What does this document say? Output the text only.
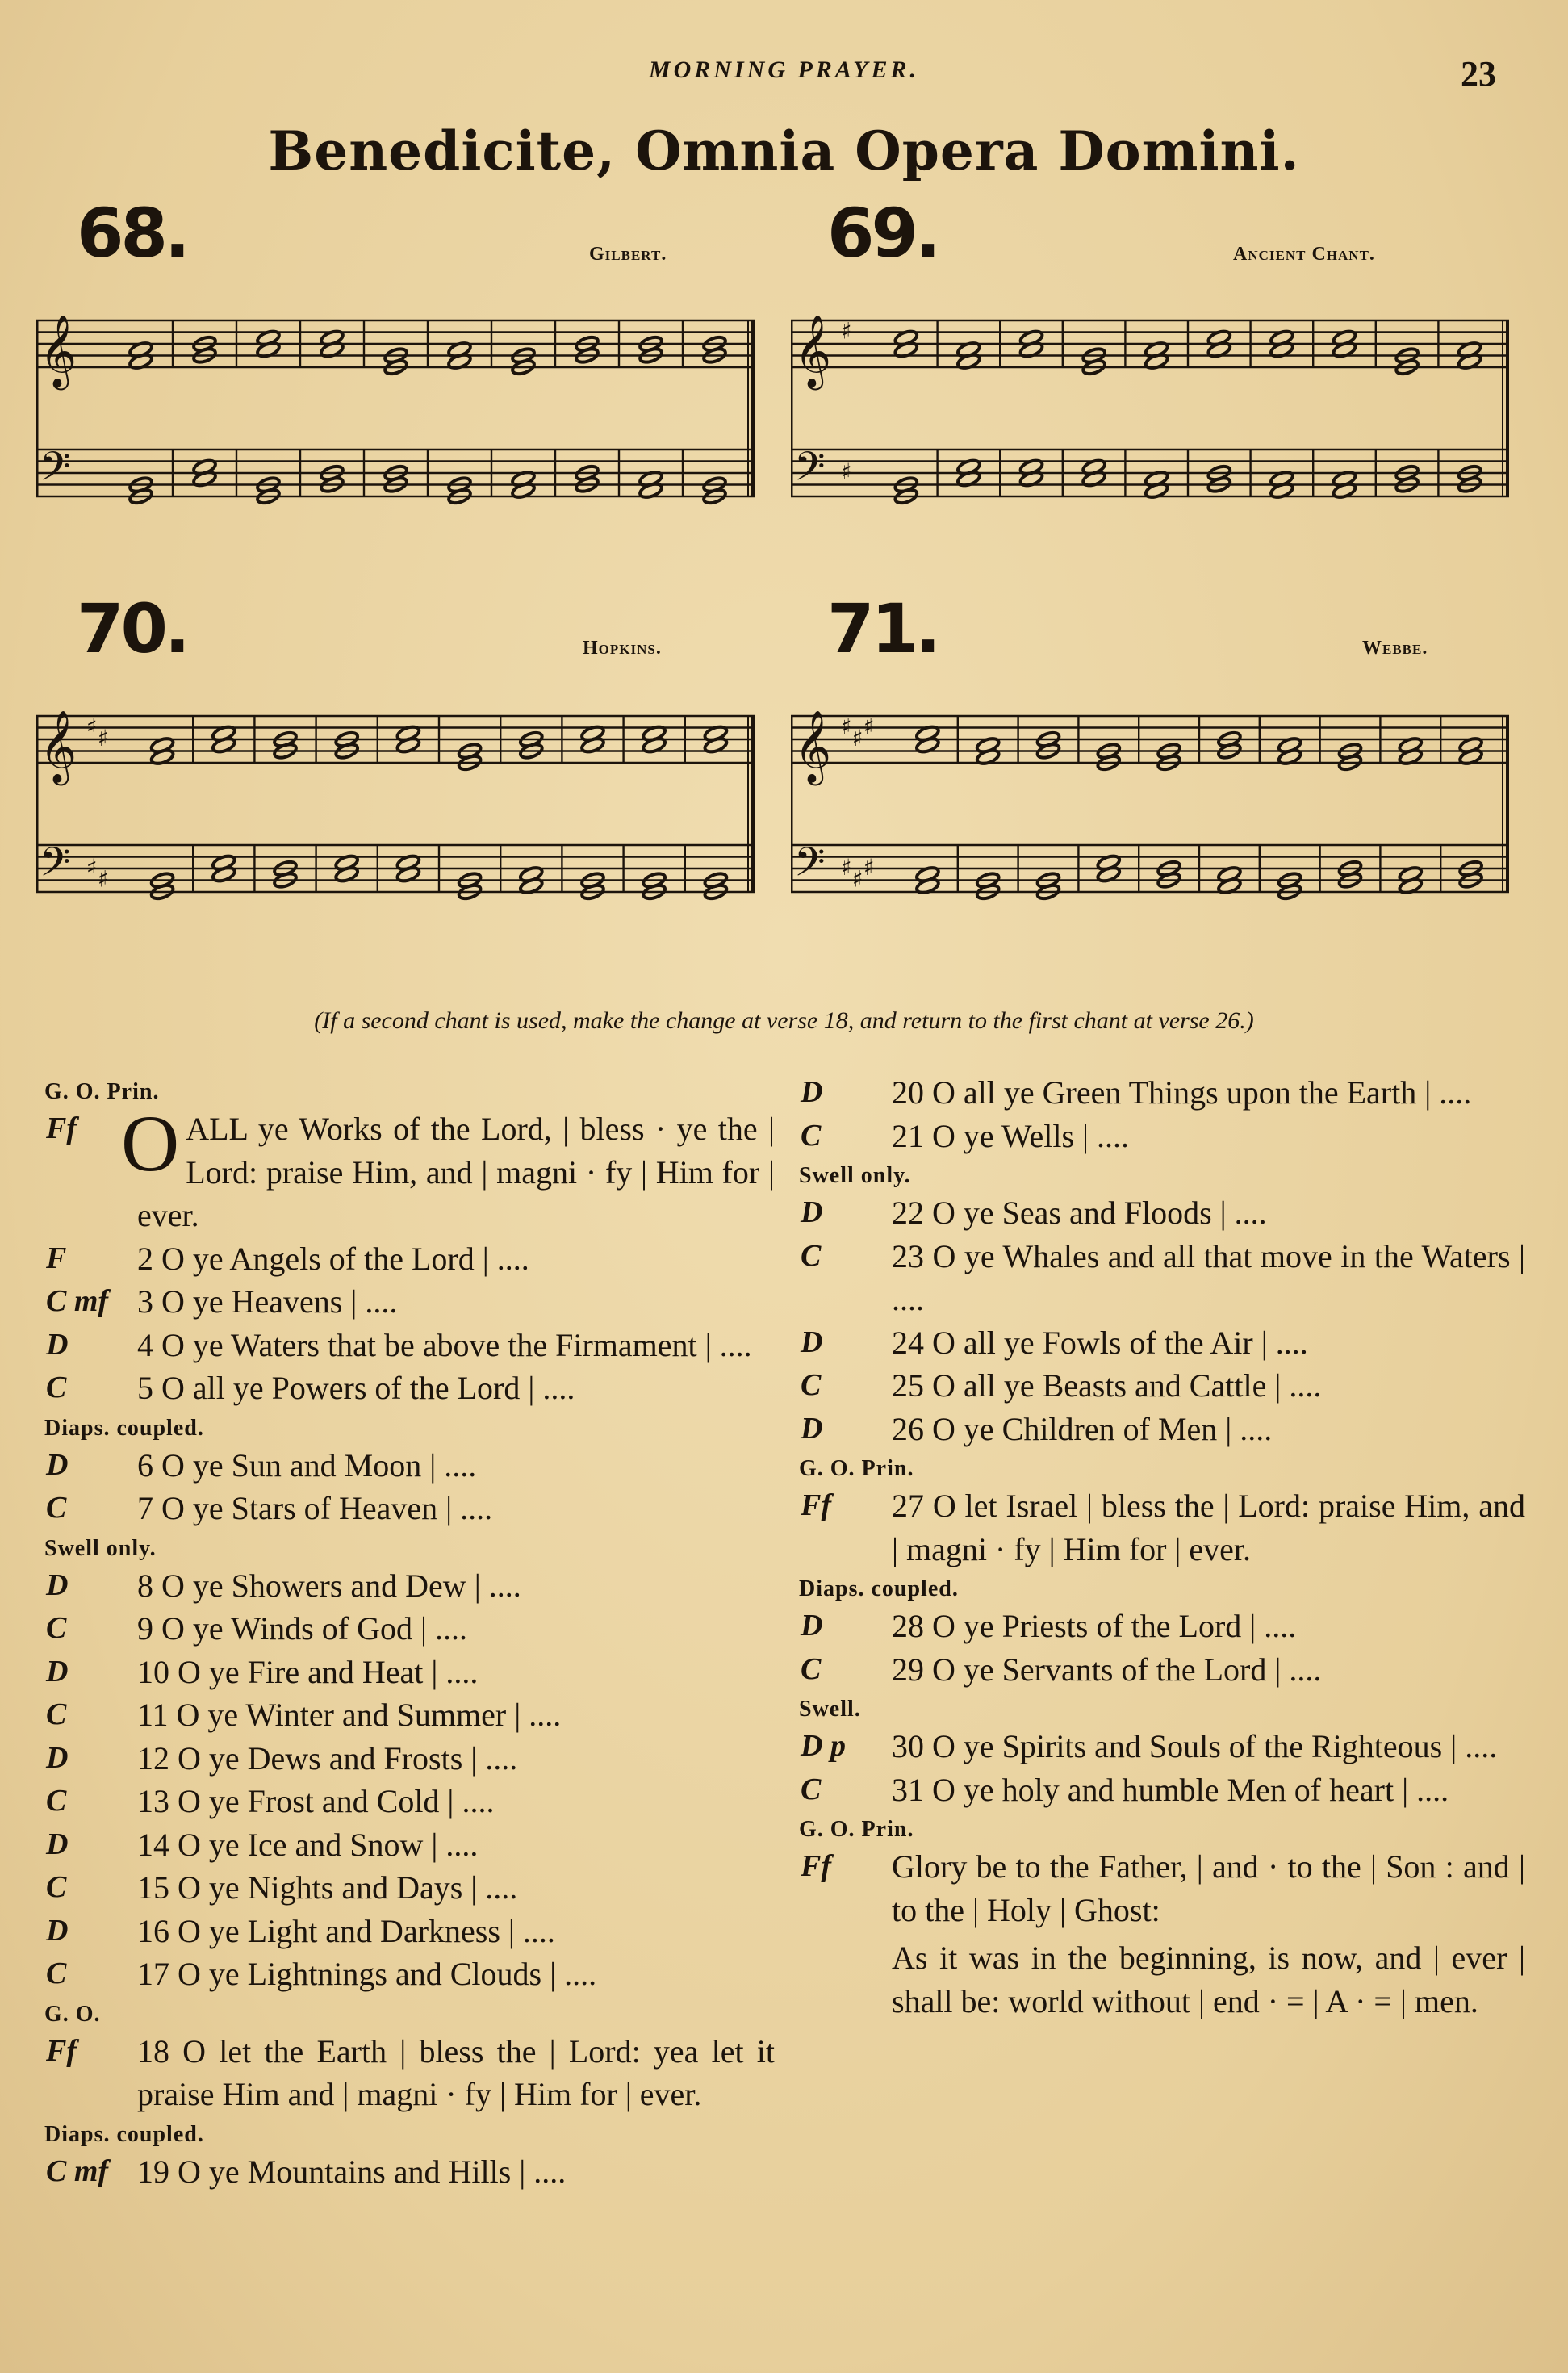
MORNING PRAYER.	23
Benedicite, Omnia Opera Domini.
68.	Gilbert. 69.	Ancient Chant.
70.	Hopkins. 71.	Webbe.
𝄞
𝄢
𝄞
𝄢
♯
♯
𝄞
𝄢
♯
♯
♯
♯
𝄞
𝄢
♯
♯
♯
♯
♯
♯
(If a second chant is used, make the change at verse 18, and return to the first chant at verse 26.)
G. O. Prin.
Ff OALL ye Works of the Lord, | bless · ye the | Lord: praise Him, and | magni · fy | Him for | ever.
F 2 O ye Angels of the Lord | ....
C mf 3 O ye Heavens | ....
D 4 O ye Waters that be above the Firmament | ....
C 5 O all ye Powers of the Lord | ....
Diaps. coupled.
D 6 O ye Sun and Moon | ....
C 7 O ye Stars of Heaven | ....
Swell only.
D 8 O ye Showers and Dew | ....
C 9 O ye Winds of God | ....
D 10 O ye Fire and Heat | ....
C 11 O ye Winter and Summer | ....
D 12 O ye Dews and Frosts | ....
C 13 O ye Frost and Cold | ....
D 14 O ye Ice and Snow | ....
C 15 O ye Nights and Days | ....
D 16 O ye Light and Darkness | ....
C 17 O ye Lightnings and Clouds | ....
G. O.
Ff 18 O let the Earth | bless the | Lord: yea let it praise Him and | magni · fy | Him for | ever.
Diaps. coupled.
C mf 19 O ye Mountains and Hills | ....
D 20 O all ye Green Things upon the Earth | ....
C 21 O ye Wells | ....
Swell only.
D 22 O ye Seas and Floods | ....
C 23 O ye Whales and all that move in the Waters | ....
D 24 O all ye Fowls of the Air | ....
C 25 O all ye Beasts and Cattle | ....
D 26 O ye Children of Men | ....
G. O. Prin.
Ff 27 O let Israel | bless the | Lord: praise Him, and | magni · fy | Him for | ever.
Diaps. coupled.
D 28 O ye Priests of the Lord | ....
C 29 O ye Servants of the Lord | ....
Swell.
D p 30 O ye Spirits and Souls of the Righteous | ....
C 31 O ye holy and humble Men of heart | ....
G. O. Prin.
Ff Glory be to the Father, | and · to the | Son : and | to the | Holy | Ghost:
As it was in the beginning, is now, and | ever | shall be: world without | end · = | A · = | men.
